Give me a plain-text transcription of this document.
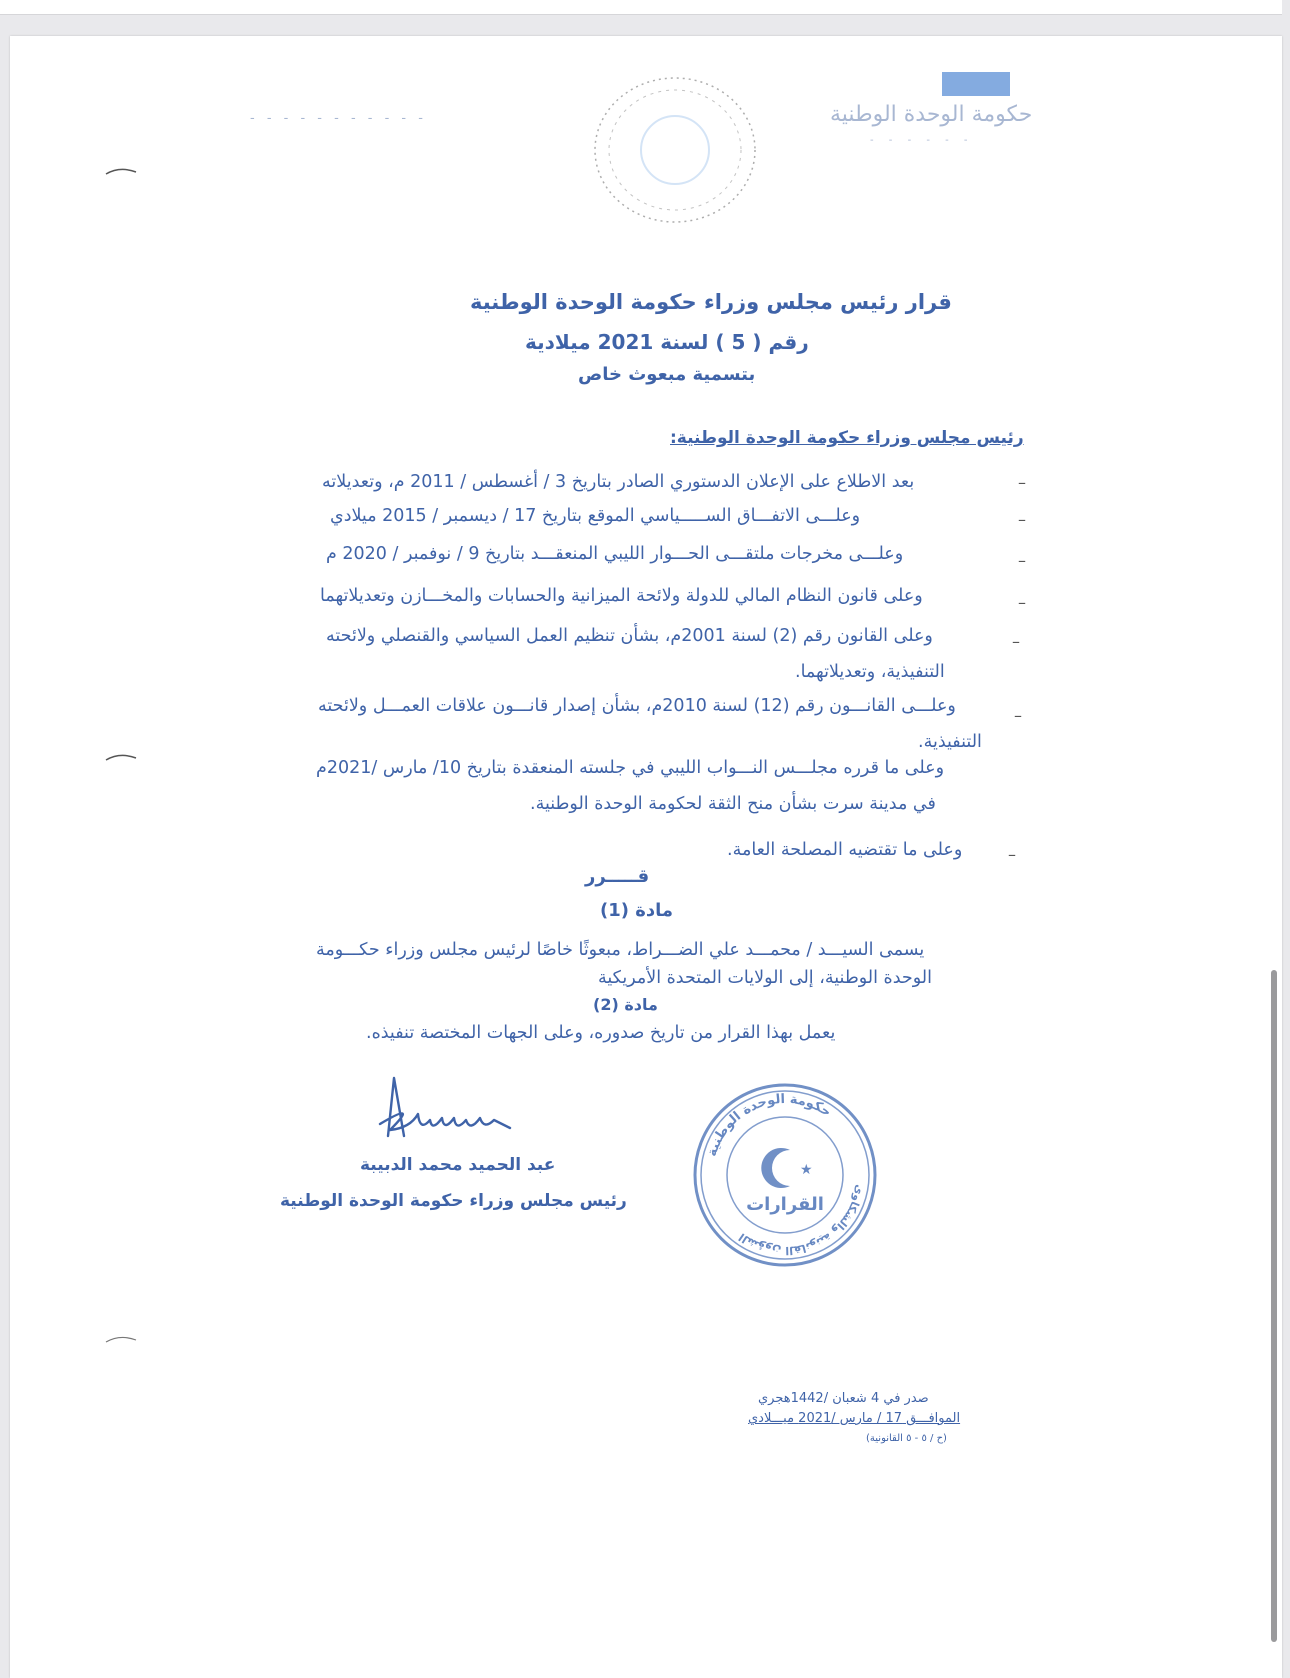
حكومة الوحدة الوطنية
- - - - - -
- - - - - - - - - - -
قرار رئيس مجلس وزراء حكومة الوحدة الوطنية
رقم ( 5 ) لسنة 2021 ميلادية
بتسمية مبعوث خاص
رئيس مجلس وزراء حكومة الوحدة الوطنية:
–
بعد الاطلاع على الإعلان الدستوري الصادر بتاريخ 3 / أغسطس / 2011 م، وتعديلاته
–
وعلـــى الاتفـــاق الســـــياسي الموقع بتاريخ 17 / ديسمبر / 2015 ميلادي
–
وعلـــى مخرجات ملتقـــى الحـــوار الليبي المنعقـــد بتاريخ 9 / نوفمبر / 2020 م
–
وعلى قانون النظام المالي للدولة ولائحة الميزانية والحسابات والمخـــازن وتعديلاتهما
–
وعلى القانون رقم (2) لسنة 2001م، بشأن تنظيم العمل السياسي والقنصلي ولائحته
التنفيذية، وتعديلاتهما.
–
وعلـــى القانـــون رقم (12) لسنة 2010م، بشأن إصدار قانـــون علاقات العمـــل ولائحته
التنفيذية.
وعلى ما قرره مجلـــس النـــواب الليبي في جلسته المنعقدة بتاريخ 10/ مارس /2021م
في مدينة سرت بشأن منح الثقة لحكومة الوحدة الوطنية.
–
وعلى ما تقتضيه المصلحة العامة.
قـــــرر
مادة (1)
يسمى السيـــد / محمـــد علي الضـــراط، مبعوثًا خاصًا لرئيس مجلس وزراء حكـــومة
الوحدة الوطنية، إلى الولايات المتحدة الأمريكية
مادة (2)
يعمل بهذا القرار من تاريخ صدوره، وعلى الجهات المختصة تنفيذه.
عبد الحميد محمد الدبيبة
رئيس مجلس وزراء حكومة الوحدة الوطنية
حكومة الوحدة الوطنية
الشؤون القانونية والشكاوى
★
القرارات
صدر في 4 شعبان /1442هجري
الموافـــق 17 / مارس /2021 ميـــلادي
(ح / ٥ - ٥ القانونية)
